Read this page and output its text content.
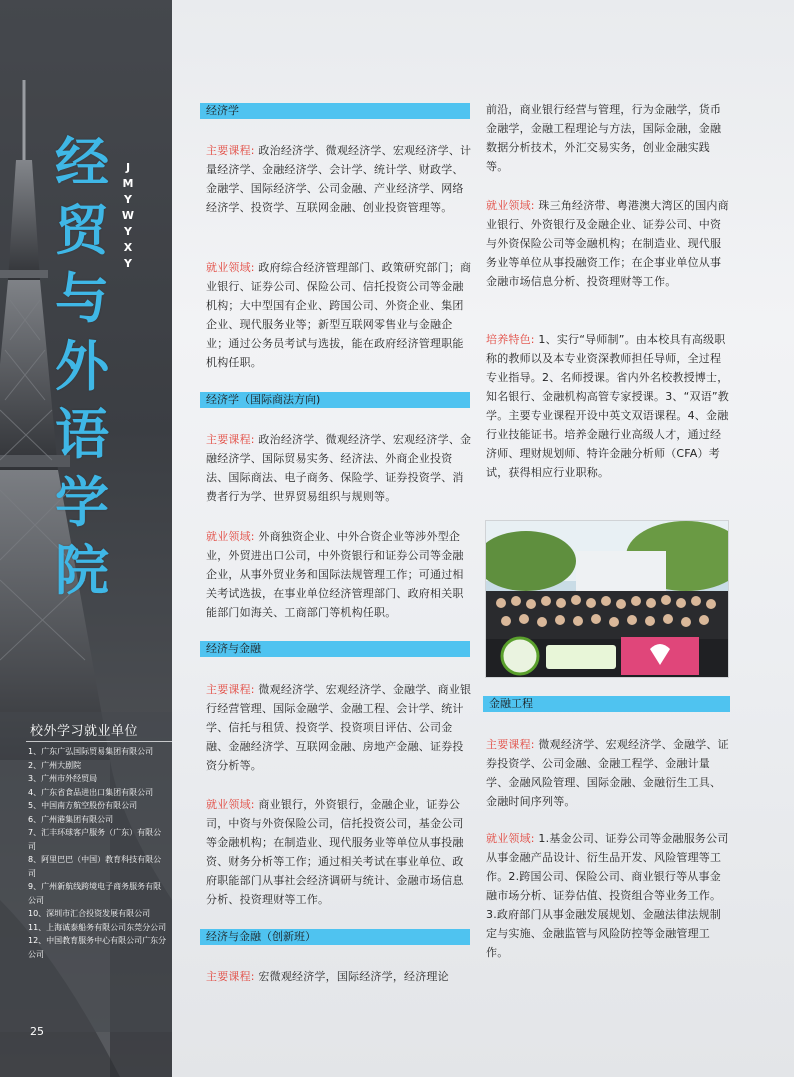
经
贸
与
外
语
学
院
J
M
Y
W
Y
X
Y
校外学习就业单位
1、广东广弘国际贸易集团有限公司
2、广州大剧院
3、广州市外经贸局
4、广东省食品进出口集团有限公司
5、中国南方航空股份有限公司
6、广州港集团有限公司
7、汇丰环球客户服务（广东）有限公司
8、阿里巴巴（中国）教育科技有限公司
9、广州新航线跨境电子商务服务有限公司
10、深圳市汇合投资发展有限公司
11、上海诚泰船务有限公司东莞分公司
12、中国教育服务中心有限公司广东分公司
25
经济学
主要课程: 政治经济学、微观经济学、宏观经济学、计量经济学、金融经济学、会计学、统计学、财政学、金融学、国际经济学、公司金融、产业经济学、网络经济学、投资学、互联网金融、创业投资管理等。
就业领域: 政府综合经济管理部门、政策研究部门；商业银行、证券公司、保险公司、信托投资公司等金融机构；大中型国有企业、跨国公司、外资企业、集团企业、现代服务业等；新型互联网零售业与金融企业；通过公务员考试与选拔，能在政府经济管理职能机构任职。
经济学（国际商法方向)
主要课程: 政治经济学、微观经济学、宏观经济学、金融经济学、国际贸易实务、经济法、外商企业投资法、国际商法、电子商务、保险学、证券投资学、消费者行为学、世界贸易组织与规则等。
就业领域: 外商独资企业、中外合资企业等涉外型企业，外贸进出口公司，中外资银行和证券公司等金融企业，从事外贸业务和国际法规管理工作；可通过相关考试选拔，在事业单位经济管理部门、政府相关职能部门如海关、工商部门等机构任职。
经济与金融
主要课程: 微观经济学、宏观经济学、金融学、商业银行经营管理、国际金融学、金融工程、会计学、统计学、信托与租赁、投资学、投资项目评估、公司金融、金融经济学、互联网金融、房地产金融、证券投资分析等。
就业领域: 商业银行，外资银行，金融企业，证券公司，中资与外资保险公司，信托投资公司，基金公司等金融机构；在制造业、现代服务业等单位从事投融资、财务分析等工作；通过相关考试在事业单位、政府职能部门从事社会经济调研与统计、金融市场信息分析、投资理财等工作。
经济与金融（创新班）
主要课程: 宏微观经济学，国际经济学，经济理论
前沿，商业银行经营与管理，行为金融学，货币金融学，金融工程理论与方法，国际金融，金融数据分析技术，外汇交易实务，创业金融实践等。
就业领域: 珠三角经济带、粤港澳大湾区的国内商业银行、外资银行及金融企业、证券公司、中资与外资保险公司等金融机构；在制造业、现代服务业等单位从事投融资工作；在企事业单位从事金融市场信息分析、投资理财等工作。
培养特色: 1、实行“导师制”。由本校具有高级职称的教师以及本专业资深教师担任导师，全过程专业指导。2、名师授课。省内外名校教授博士，知名银行、金融机构高管专家授课。3、“双语”教学。主要专业课程开设中英文双语课程。4、金融行业技能证书。培养金融行业高级人才，通过经济师、理财规划师、特许金融分析师（CFA）考试，获得相应行业职称。
金融工程
主要课程: 微观经济学、宏观经济学、金融学、证券投资学、公司金融、金融工程学、金融计量学、金融风险管理、国际金融、金融衍生工具、金融时间序列等。
就业领域: 1.基金公司、证券公司等金融服务公司从事金融产品设计、衍生品开发、风险管理等工作。2.跨国公司、保险公司、商业银行等从事金融市场分析、证券估值、投资组合等业务工作。3.政府部门从事金融发展规划、金融法律法规制定与实施、金融监管与风险防控等金融管理工作。
